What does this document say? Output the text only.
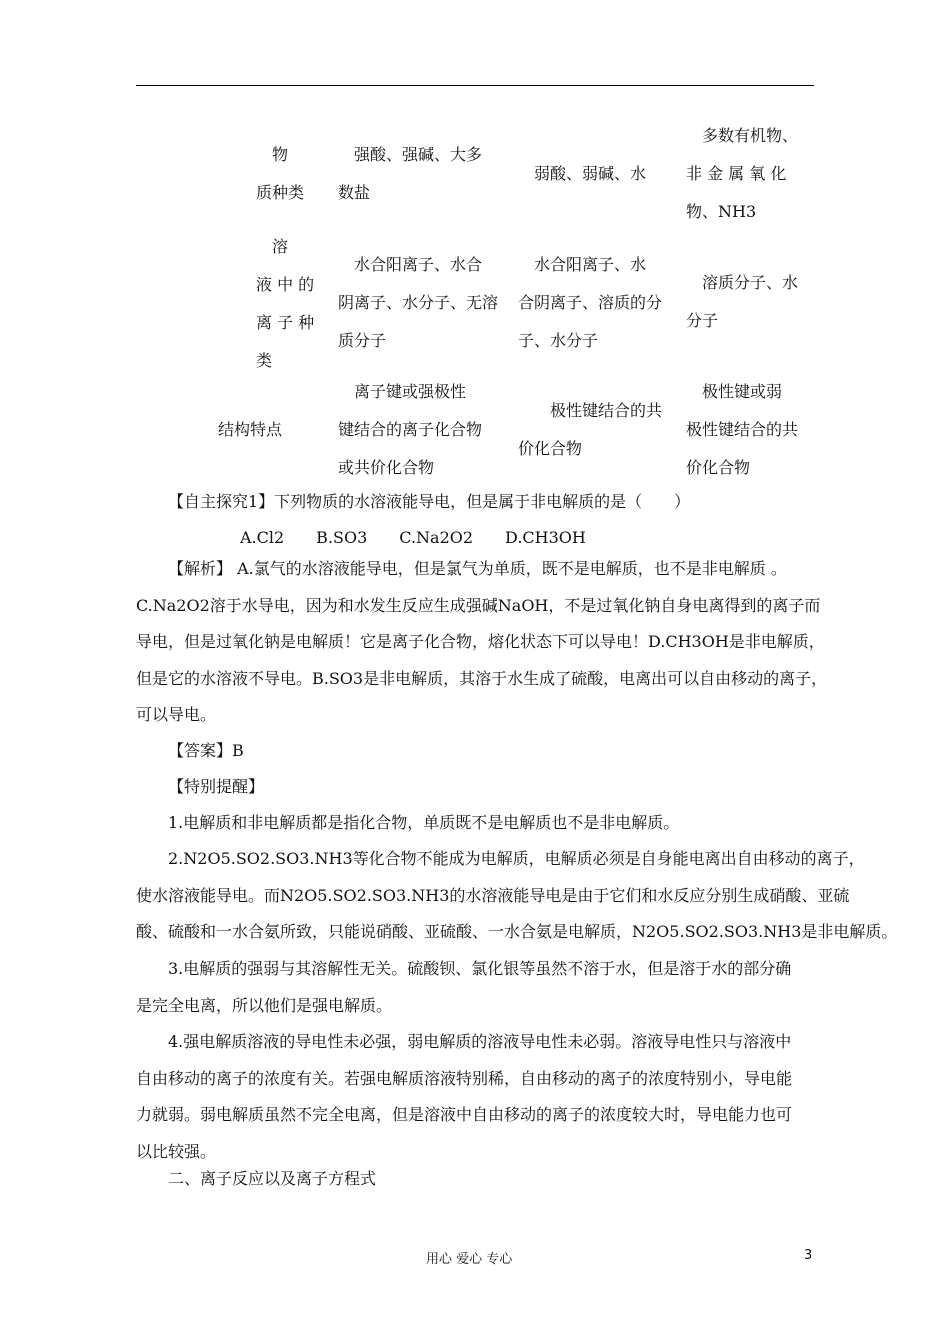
　物

质种类

　强酸、强碱、大多

数盐

　弱酸、弱碱、水

　多数有机物、

非 金 属 氧 化

物、NH3

　溶

液 中 的

离 子 种

类

　水合阳离子、水合

阴离子、水分子、无溶

质分子

　水合阳离子、水

合阴离子、溶质的分

子、水分子

　溶质分子、水

分子

结构特点

　离子键或强极性

键结合的离子化合物

或共价化合物

极性键结合的共

价化合物

　极性键或弱

极性键结合的共

价化合物

【自主探究1】下列物质的水溶液能导电，但是属于非电解质的是（　　）

A.Cl2　　B.SO3　　C.Na2O2　　D.CH3OH

【解析】 A.氯气的水溶液能导电，但是氯气为单质，既不是电解质，也不是非电解质 。
C.Na2O2溶于水导电，因为和水发生反应生成强碱NaOH，不是过氧化钠自身电离得到的离子而
导电，但是过氧化钠是电解质！它是离子化合物，熔化状态下可以导电！D.CH3OH是非电解质，
但是它的水溶液不导电。B.SO3是非电解质，其溶于水生成了硫酸，电离出可以自由移动的离子，
可以导电。

【答案】B

【特别提醒】

1.电解质和非电解质都是指化合物，单质既不是电解质也不是非电解质。

2.N2O5.SO2.SO3.NH3等化合物不能成为电解质，电解质必须是自身能电离出自由移动的离子，
使水溶液能导电。而N2O5.SO2.SO3.NH3的水溶液能导电是由于它们和水反应分别生成硝酸、亚硫
酸、硫酸和一水合氨所致，只能说硝酸、亚硫酸、一水合氨是电解质，N2O5.SO2.SO3.NH3是非电解质。

3.电解质的强弱与其溶解性无关。硫酸钡、氯化银等虽然不溶于水，但是溶于水的部分确
是完全电离，所以他们是强电解质。

4.强电解质溶液的导电性未必强，弱电解质的溶液导电性未必弱。溶液导电性只与溶液中
自由移动的离子的浓度有关。若强电解质溶液特别稀，自由移动的离子的浓度特别小，导电能
力就弱。弱电解质虽然不完全电离，但是溶液中自由移动的离子的浓度较大时，导电能力也可
以比较强。

二、离子反应以及离子方程式

用心 爱心 专心	3
